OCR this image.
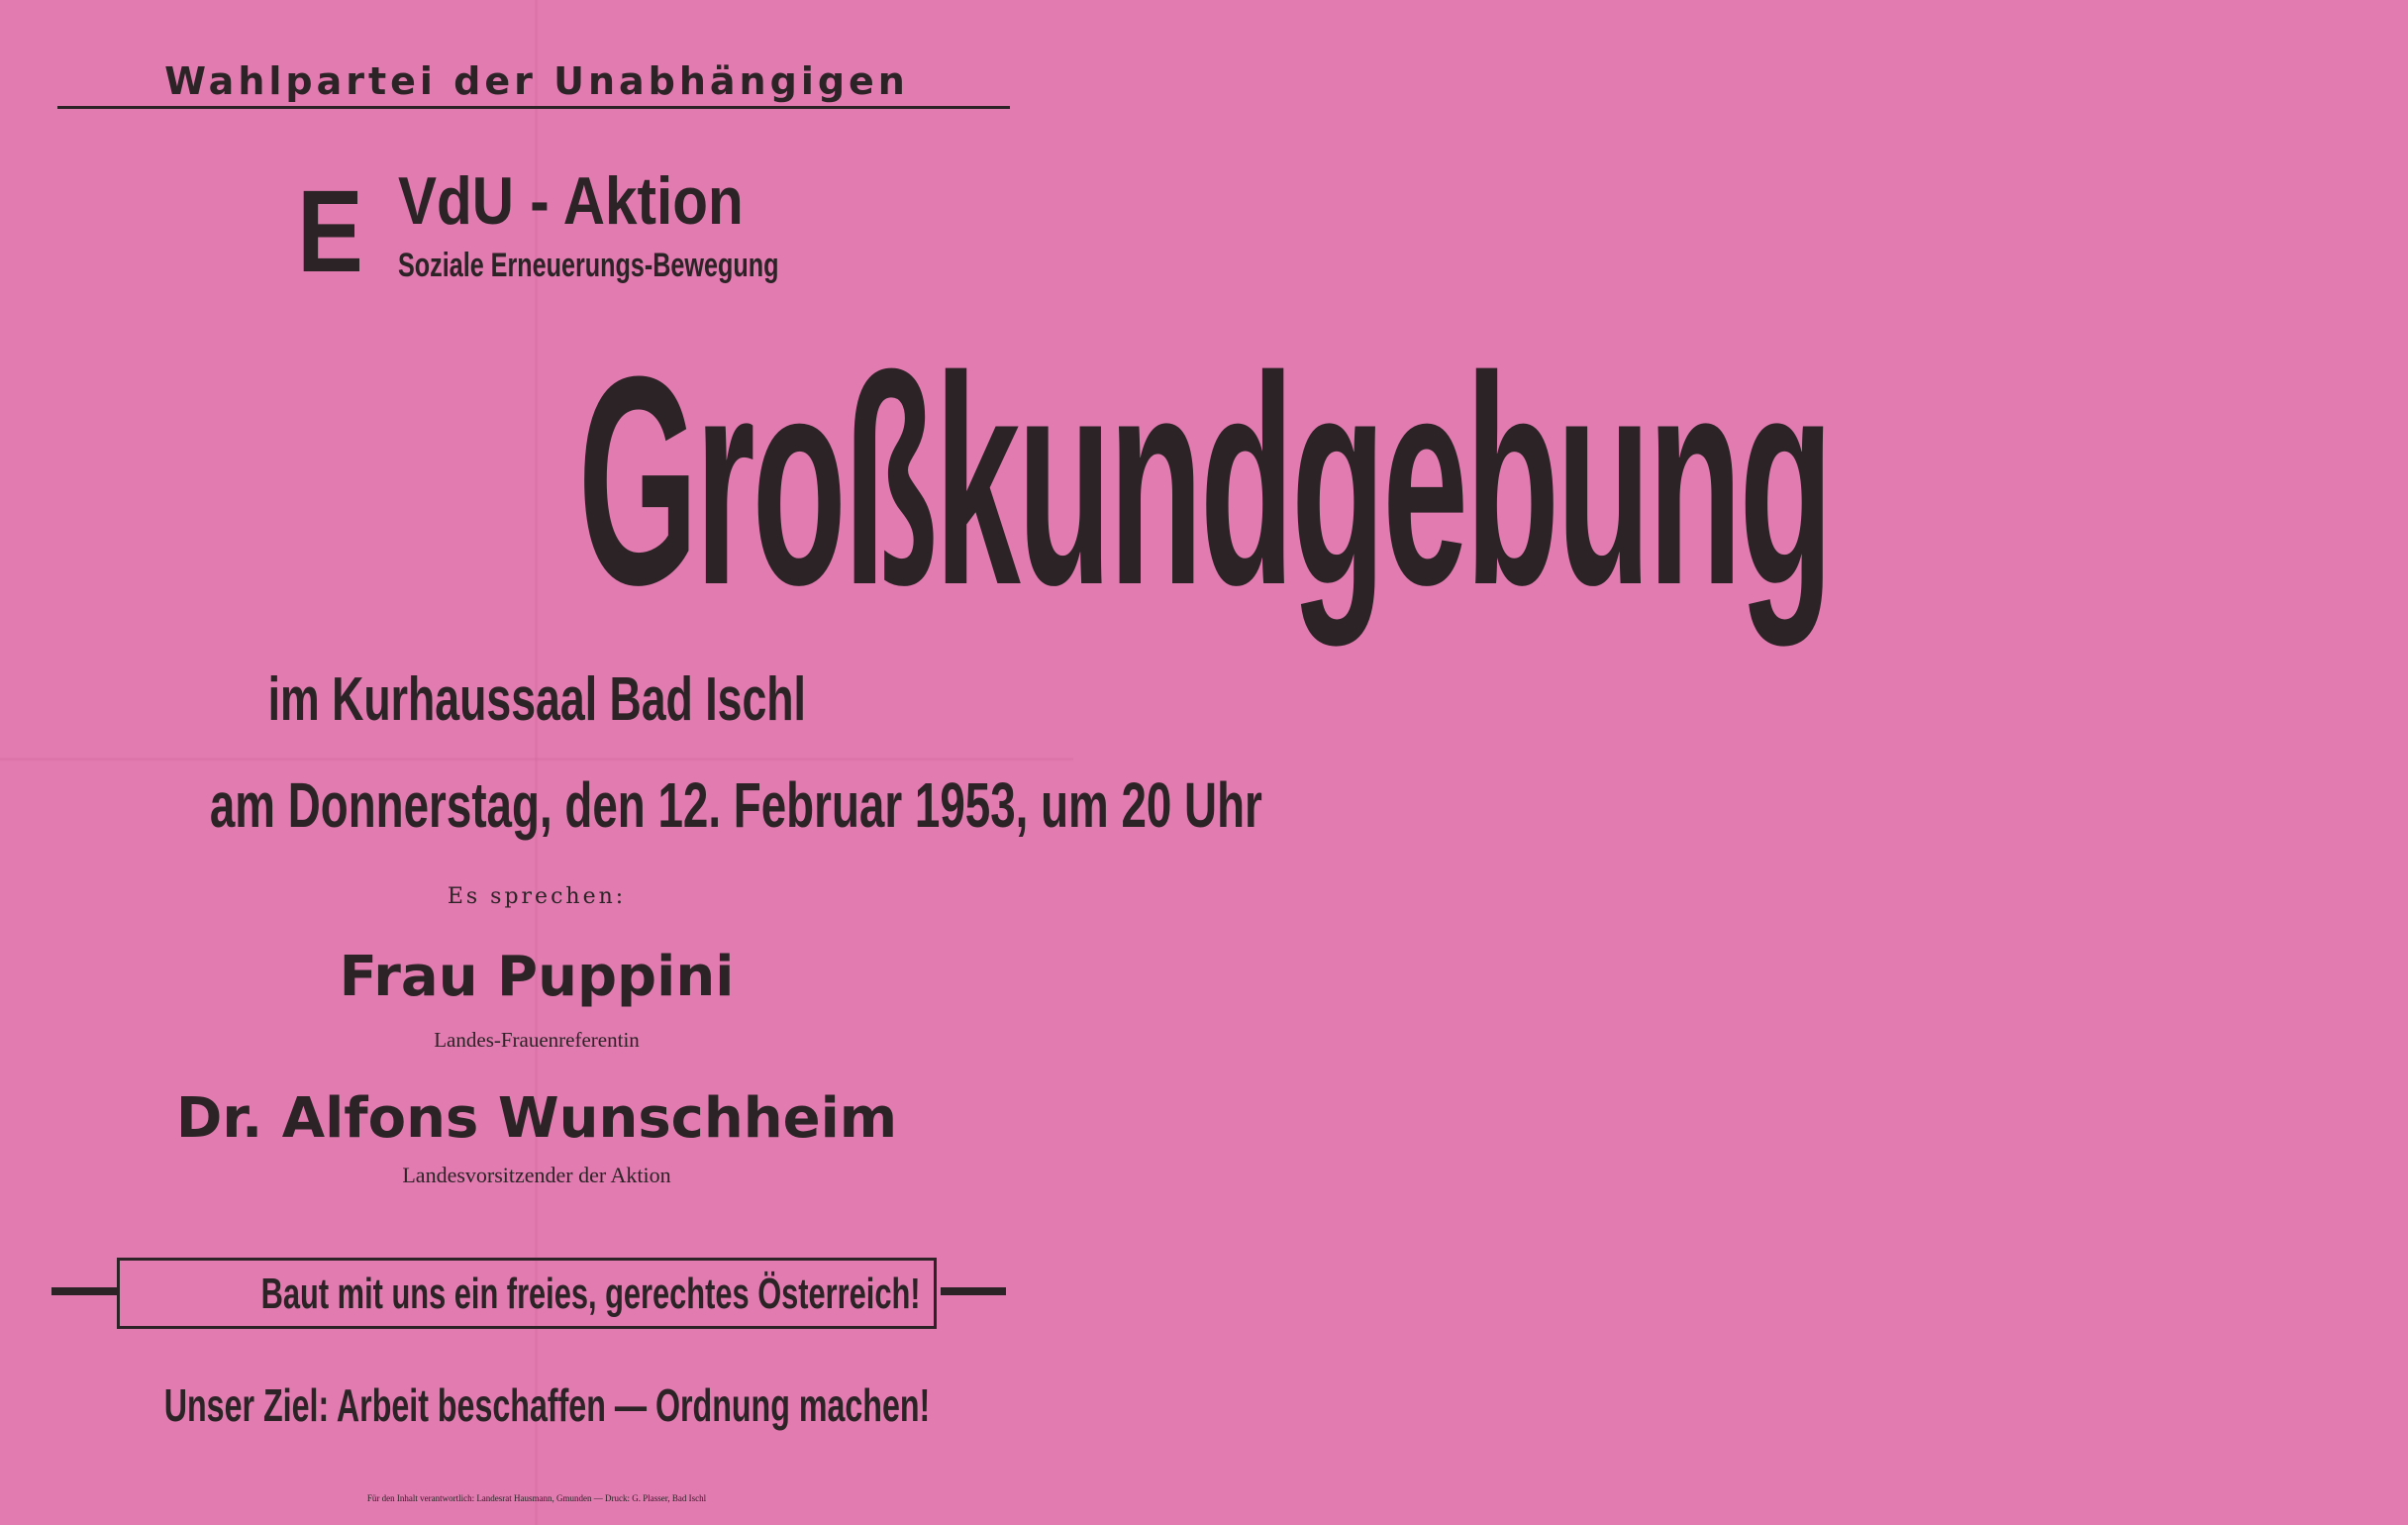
Wahlpartei der Unabhängigen
E VdU - Aktion
Soziale Erneuerungs-Bewegung
Großkundgebung
im Kurhaussaal Bad Ischl
am Donnerstag, den 12. Februar 1953, um 20 Uhr
Es sprechen:
Frau Puppini
Landes-Frauenreferentin
Dr. Alfons Wunschheim
Landesvorsitzender der Aktion
Baut mit uns ein freies, gerechtes Österreich!
Unser Ziel: Arbeit beschaffen — Ordnung machen!
Für den Inhalt verantwortlich: Landesrat Hausmann, Gmunden — Druck: G. Plasser, Bad Ischl
